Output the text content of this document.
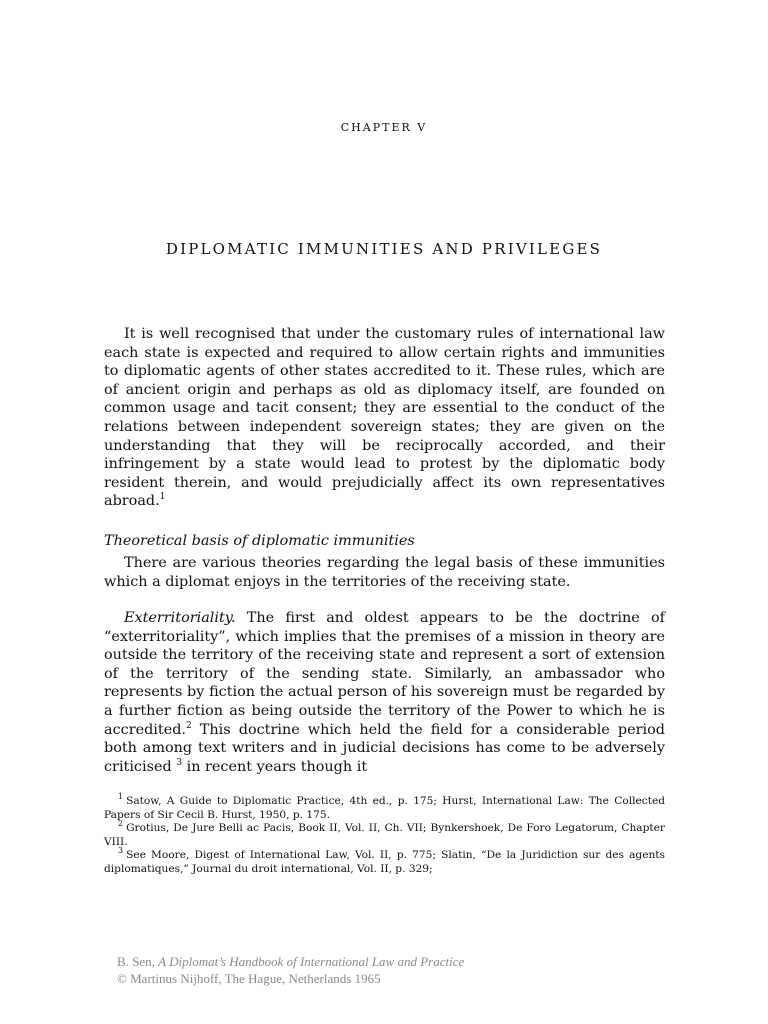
CHAPTER V
DIPLOMATIC IMMUNITIES AND PRIVILEGES

It is well recognised that under the customary rules of international law each state is expected and required to allow certain rights and immunities to diplomatic agents of other states accredited to it. These rules, which are of ancient origin and perhaps as old as diplomacy itself, are founded on common usage and tacit consent; they are essential to the conduct of the relations between independent sovereign states; they are given on the understanding that they will be reciprocally accorded, and their infringement by a state would lead to protest by the diplomatic body resident therein, and would prejudicially affect its own representatives abroad.$^1$

Theoretical basis of diplomatic immunities

There are various theories regarding the legal basis of these immunities which a diplomat enjoys in the territories of the receiving state.

Exterritoriality. The first and oldest appears to be the doctrine of “exterritoriality”, which implies that the premises of a mission in theory are outside the territory of the receiving state and represent a sort of extension of the territory of the sending state. Similarly, an ambassador who represents by fiction the actual person of his sovereign must be regarded by a further fiction as being outside the territory of the Power to which he is accredited.$^2$ This doctrine which held the field for a considerable period both among text writers and in judicial decisions has come to be adversely criticised $^3$ in recent years though it

$^1$ Satow, A Guide to Diplomatic Practice, 4th ed., p. 175; Hurst, International Law: The Collected Papers of Sir Cecil B. Hurst, 1950, p. 175.

$^2$ Grotius, De Jure Belli ac Pacis, Book II, Vol. II, Ch. VII; Bynkershoek, De Foro Legatorum, Chapter VIII.

$^3$ See Moore, Digest of International Law, Vol. II, p. 775; Slatin, “De la Juridiction sur des agents diplomatiques,” Journal du droit international, Vol. II, p. 329;

B. Sen, A Diplomat’s Handbook of International Law and Practice
© Martinus Nijhoff, The Hague, Netherlands 1965
